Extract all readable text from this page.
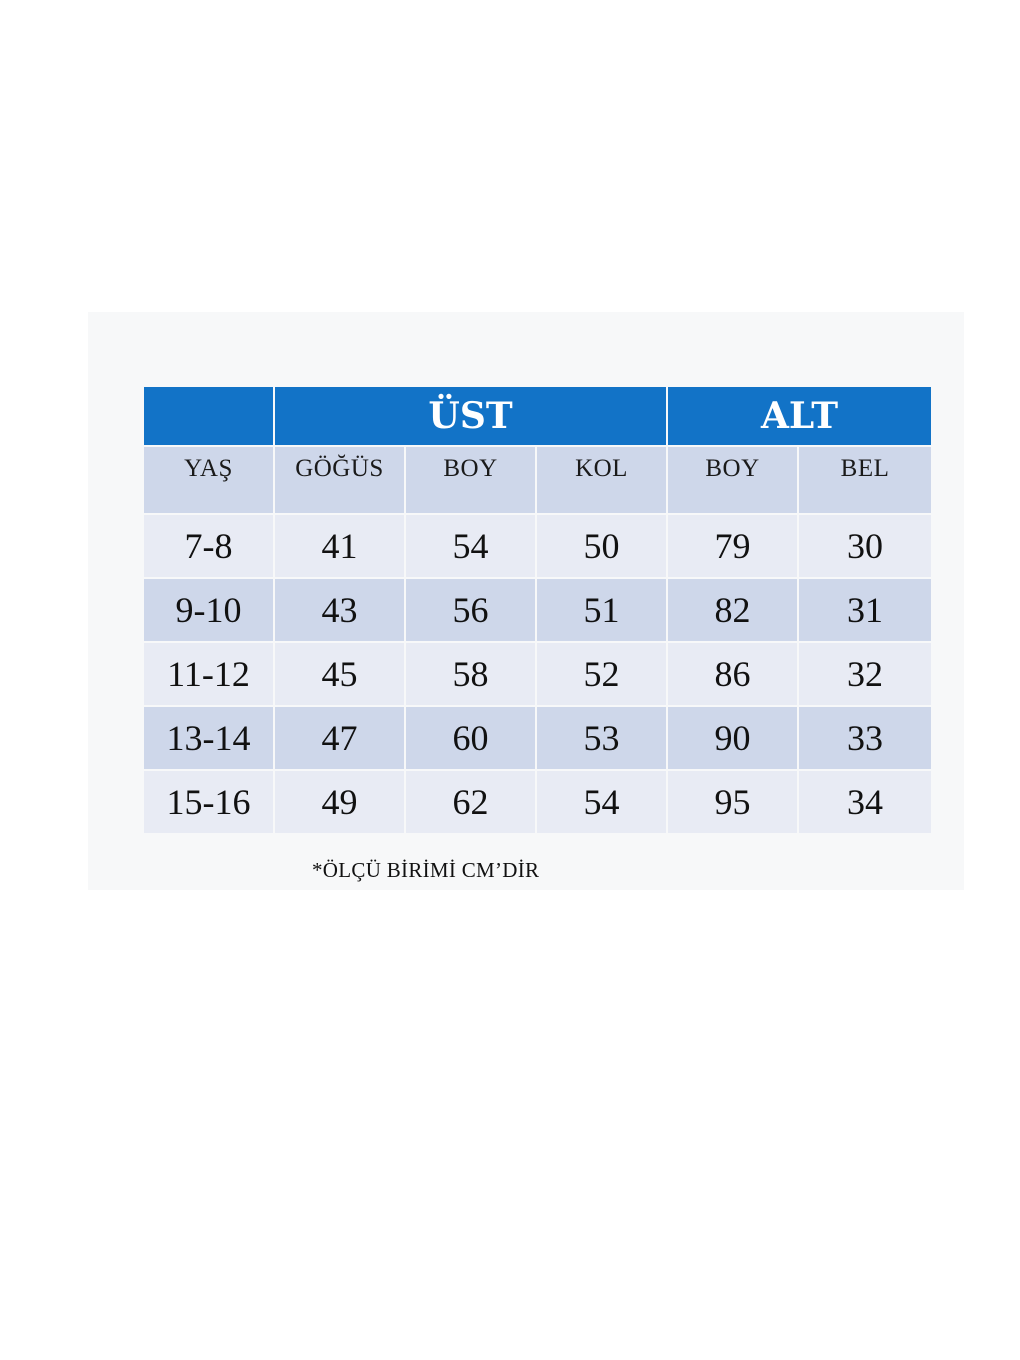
	ÜST			ALT	
YAŞ	GÖĞÜS	BOY	KOL	BOY	BEL
7-8	41	54	50	79	30
9-10	43	56	51	82	31
11-12	45	58	52	86	32
13-14	47	60	53	90	33
15-16	49	62	54	95	34
*ÖLÇÜ BİRİMİ CM’DİR
